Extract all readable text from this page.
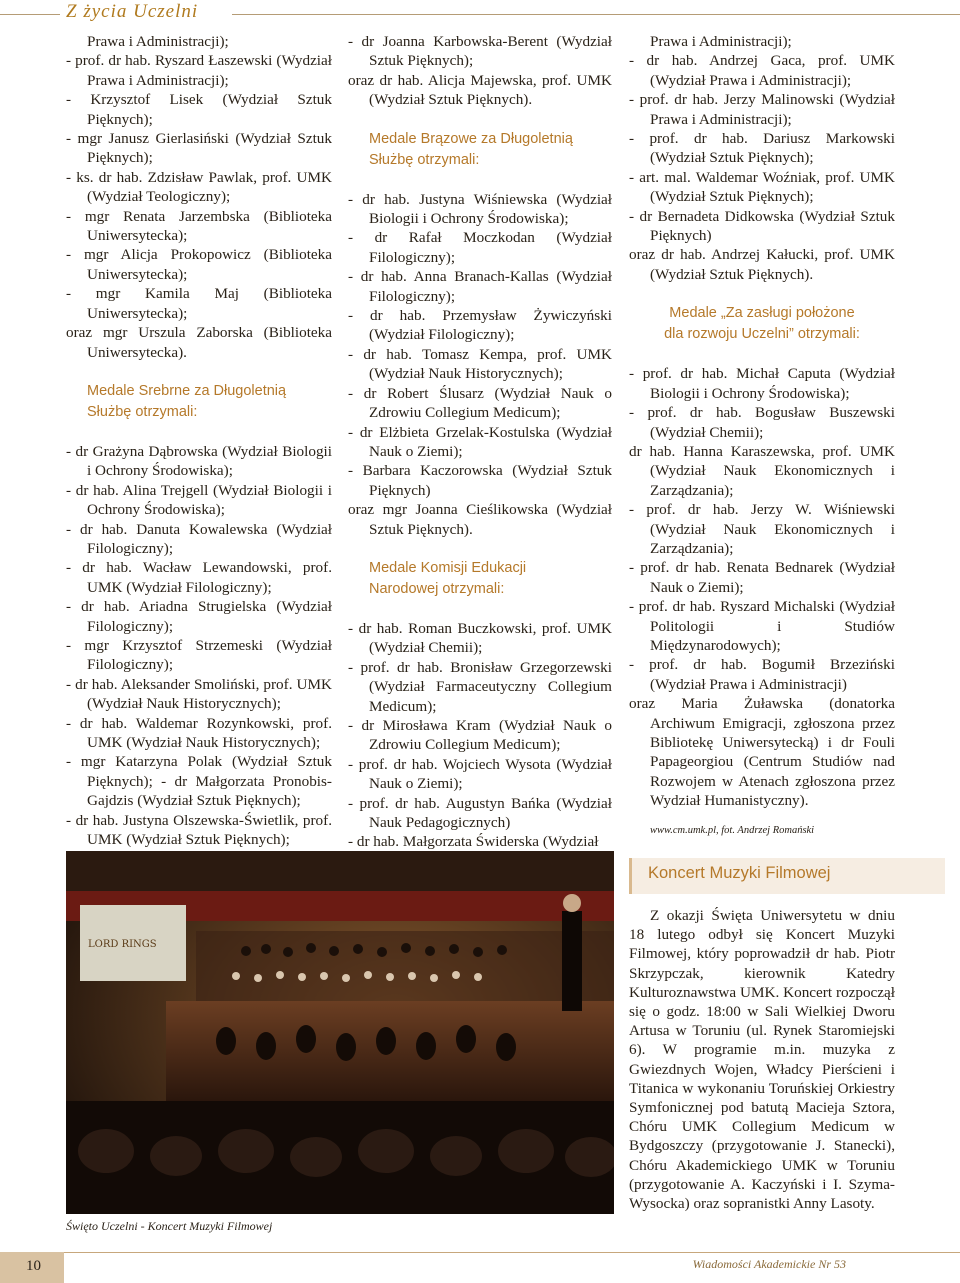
Z życia Uczelni

Prawa i Administracji);

- prof. dr hab. Ryszard Łaszewski (Wydział Prawa i Administracji);

- Krzysztof Lisek (Wydział Sztuk Pięknych);

- mgr Janusz Gierlasiński (Wydział Sztuk Pięknych);

- ks. dr hab. Zdzisław Pawlak, prof. UMK (Wydział Teologiczny);

- mgr Renata Jarzembska (Biblioteka Uniwersytecka);

- mgr Alicja Prokopowicz (Biblioteka Uniwersytecka);

- mgr Kamila Maj (Biblioteka Uniwersytecka);

oraz mgr Urszula Zaborska (Biblioteka Uniwersytecka).

Medale Srebrne za Długoletnią
Służbę otrzymali:

- dr Grażyna Dąbrowska (Wydział Biologii i Ochrony Środowiska);

- dr hab. Alina Trejgell (Wydział Biologii i Ochrony Środowiska);

- dr hab. Danuta Kowalewska (Wydział Filologiczny);

- dr hab. Wacław Lewandowski, prof. UMK (Wydział Filologiczny);

- dr hab. Ariadna Strugielska (Wydział Filologiczny);

- mgr Krzysztof Strzemeski (Wydział Filologiczny);

- dr hab. Aleksander Smoliński, prof. UMK (Wydział Nauk Historycznych);

- dr hab. Waldemar Rozynkowski, prof. UMK (Wydział Nauk Historycznych);

- mgr Katarzyna Polak (Wydział Sztuk Pięknych); - dr Małgorzata Pronobis-Gajdzis (Wydział Sztuk Pięknych);

- dr hab. Justyna Olszewska-Świetlik, prof. UMK (Wydział Sztuk Pięknych);

- dr Joanna Karbowska-Berent (Wydział Sztuk Pięknych);

oraz dr hab. Alicja Majewska, prof. UMK (Wydział Sztuk Pięknych).

Medale Brązowe za Długoletnią
Służbę otrzymali:

- dr hab. Justyna Wiśniewska (Wydział Biologii i Ochrony Środowiska);

- dr Rafał Moczkodan (Wydział Filologiczny);

- dr hab. Anna Branach-Kallas (Wydział Filologiczny);

- dr hab. Przemysław Żywiczyński (Wydział Filologiczny);

- dr hab. Tomasz Kempa, prof. UMK (Wydział Nauk Historycznych);

- dr Robert Ślusarz (Wydział Nauk o Zdrowiu Collegium Medicum);

- dr Elżbieta Grzelak-Kostulska (Wydział Nauk o Ziemi);

- Barbara Kaczorowska (Wydział Sztuk Pięknych)

oraz mgr Joanna Cieślikowska (Wydział Sztuk Pięknych).

Medale Komisji Edukacji
Narodowej otrzymali:

- dr hab. Roman Buczkowski, prof. UMK (Wydział Chemii);

- prof. dr hab. Bronisław Grzegorzewski (Wydział Farmaceutyczny Collegium Medicum);

- dr Mirosława Kram (Wydział Nauk o Zdrowiu Collegium Medicum);

- prof. dr hab. Wojciech Wysota (Wydział Nauk o Ziemi);

- prof. dr hab. Augustyn Bańka (Wydział Nauk Pedagogicznych)

- dr hab. Małgorzata Świderska (Wydział

Prawa i Administracji);

- dr hab. Andrzej Gaca, prof. UMK (Wydział Prawa i Administracji);

- prof. dr hab. Jerzy Malinowski (Wydział Prawa i Administracji);

- prof. dr hab. Dariusz Markowski (Wydział Sztuk Pięknych);

- art. mal. Waldemar Woźniak, prof. UMK (Wydział Sztuk Pięknych);

- dr Bernadeta Didkowska (Wydział Sztuk Pięknych)

oraz dr hab. Andrzej Kałucki, prof. UMK (Wydział Sztuk Pięknych).

Medale „Za zasługi położone
dla rozwoju Uczelni” otrzymali:

- prof. dr hab. Michał Caputa (Wydział Biologii i Ochrony Środowiska);

- prof. dr hab. Bogusław Buszewski (Wydział Chemii);

dr hab. Hanna Karaszewska, prof. UMK (Wydział Nauk Ekonomicznych i Zarządzania);

- prof. dr hab. Jerzy W. Wiśniewski (Wydział Nauk Ekonomicznych i Zarządzania);

- prof. dr hab. Renata Bednarek (Wydział Nauk o Ziemi);

- prof. dr hab. Ryszard Michalski (Wydział Politologii i Studiów Międzynarodowych);

- prof. dr hab. Bogumił Brzeziński (Wydział Prawa i Administracji)

oraz Maria Żuławska (donatorka Archiwum Emigracji, zgłoszona przez Bibliotekę Uniwersytecką) i dr Fouli Papageorgiou (Centrum Studiów nad Rozwojem w Atenach zgłoszona przez Wydział Humanistyczny).

www.cm.umk.pl, fot. Andrzej Romański

LORD RINGS
Święto Uczelni - Koncert Muzyki Filmowej
Koncert Muzyki Filmowej

Z okazji Święta Uniwersytetu w dniu 18 lutego odbył się Koncert Muzyki Filmowej, który poprowadził dr hab. Piotr Skrzypczak, kierownik Katedry Kulturoznawstwa UMK. Koncert rozpoczął się o godz. 18:00 w Sali Wielkiej Dworu Artusa w Toruniu (ul. Rynek Staromiejski 6). W programie m.in. muzyka z Gwiezdnych Wojen, Władcy Pierścieni i Titanica w wykonaniu Toruńskiej Orkiestry Symfonicznej pod batutą Macieja Sztora, Chóru UMK Collegium Medicum w Bydgoszczy (przygotowanie J. Stanecki), Chóru Akademickiego UMK w Toruniu (przygotowanie A. Kaczyński i I. Szyma-Wysocka) oraz sopranistki Anny Lasoty.

10	Wiadomości Akademickie Nr 53
